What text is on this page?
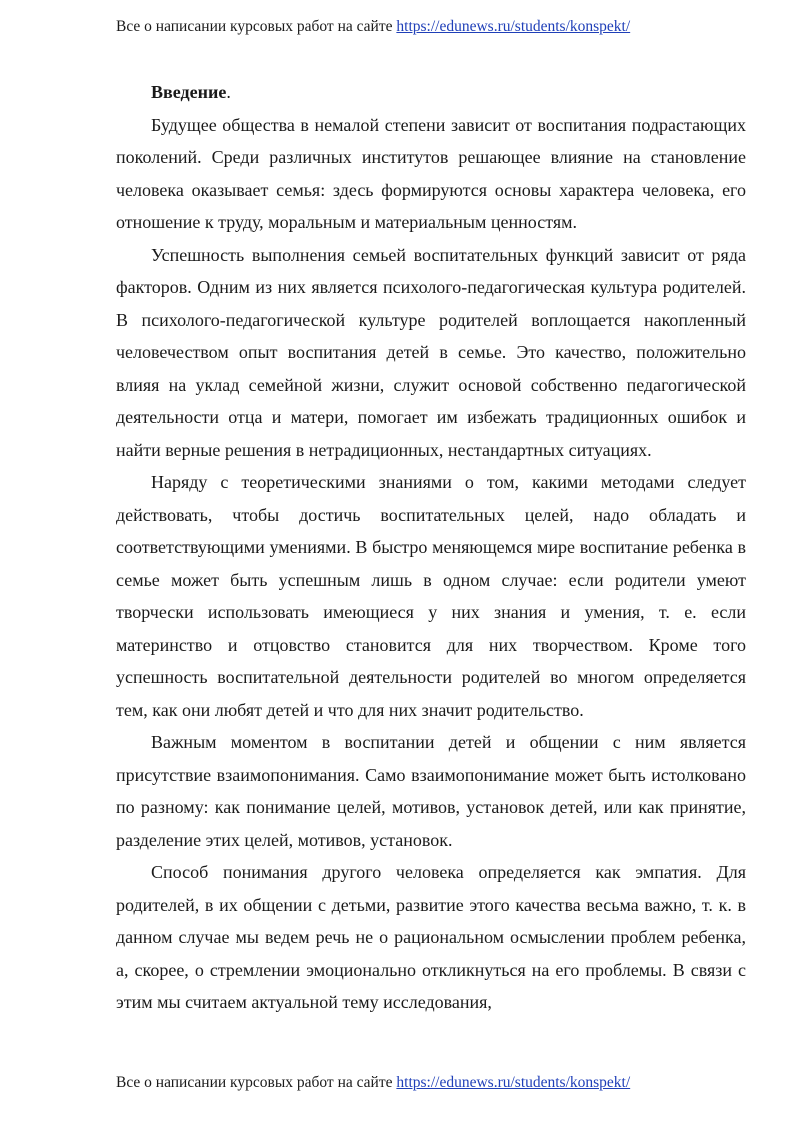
Все о написании курсовых работ на сайте https://edunews.ru/students/konspekt/

Введение.

Будущее общества в немалой степени зависит от воспитания подрастающих поколений. Среди различных институтов решающее влияние на становление человека оказывает семья: здесь формируются основы характера человека, его отношение к труду, моральным и материальным ценностям.

Успешность выполнения семьей воспитательных функций зависит от ряда факторов. Одним из них является психолого-педагогическая культура родителей. В психолого-педагогической культуре родителей воплощается накопленный человечеством опыт воспитания детей в семье. Это качество, положительно влияя на уклад семейной жизни, служит основой собственно педагогической деятельности отца и матери, помогает им избежать традиционных ошибок и найти верные решения в нетрадиционных, нестандартных ситуациях.

Наряду с теоретическими знаниями о том, какими методами следует действовать, чтобы достичь воспитательных целей, надо обладать и соответствующими умениями. В быстро меняющемся мире воспитание ребенка в семье может быть успешным лишь в одном случае: если родители умеют творчески использовать имеющиеся у них знания и умения, т. е. если материнство и отцовство становится для них творчеством. Кроме того успешность воспитательной деятельности родителей во многом определяется тем, как они любят детей и что для них значит родительство.

Важным моментом в воспитании детей и общении с ним является присутствие взаимопонимания. Само взаимопонимание может быть истолковано по разному: как понимание целей, мотивов, установок детей, или как принятие, разделение этих целей, мотивов, установок.

Способ понимания другого человека определяется как эмпатия. Для родителей, в их общении с детьми, развитие этого качества весьма важно, т. к. в данном случае мы ведем речь не о рациональном осмыслении проблем ребенка, а, скорее, о стремлении эмоционально откликнуться на его проблемы. В связи с этим мы считаем актуальной тему исследования,

Все о написании курсовых работ на сайте https://edunews.ru/students/konspekt/
